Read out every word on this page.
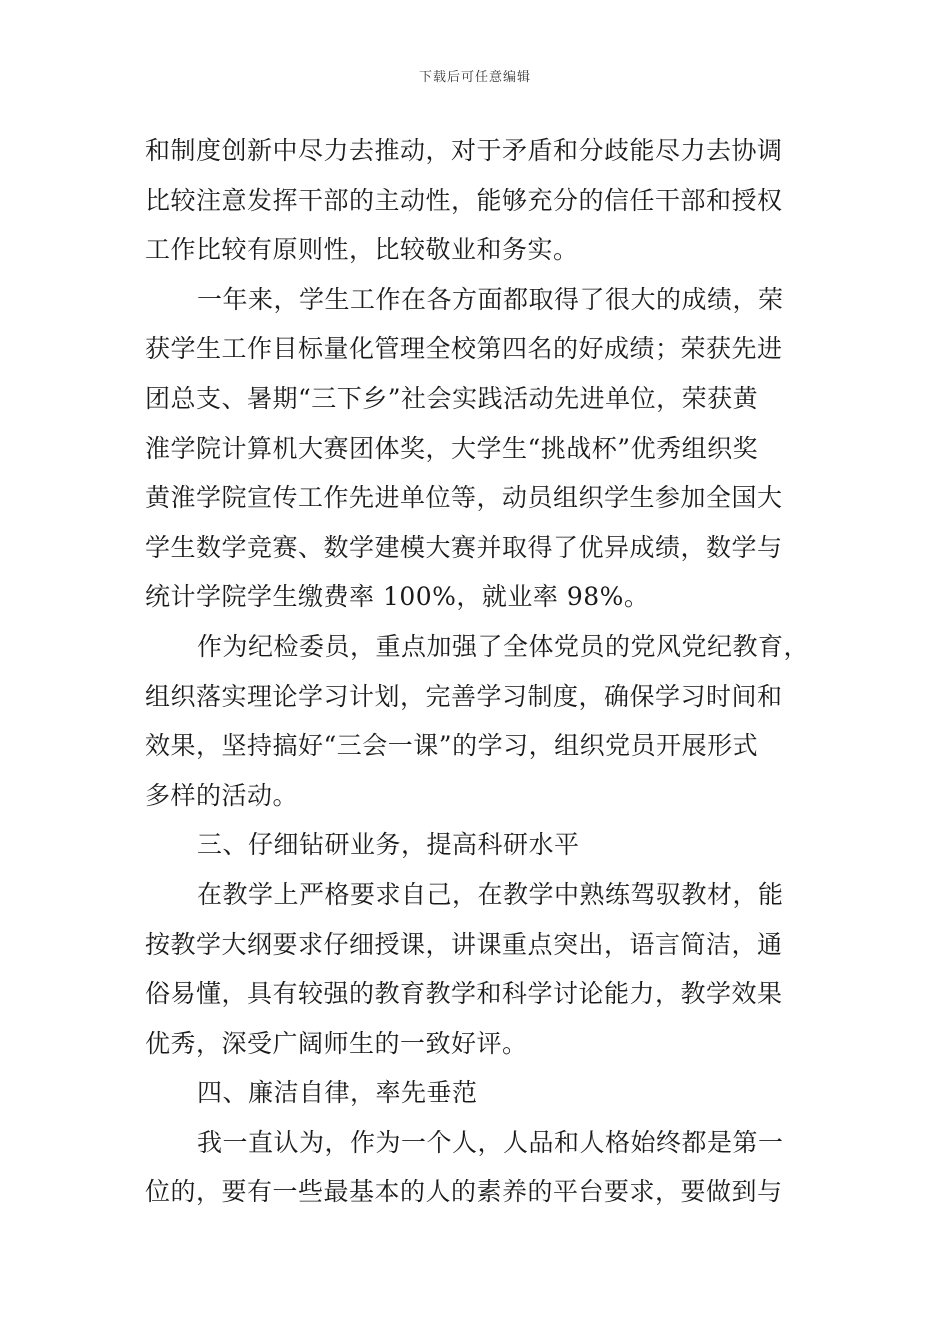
下载后可任意编辑
和制度创新中尽力去推动，对于矛盾和分歧能尽力去协调
比较注意发挥干部的主动性，能够充分的信任干部和授权
工作比较有原则性，比较敬业和务实。
一年来，学生工作在各方面都取得了很大的成绩，荣
获学生工作目标量化管理全校第四名的好成绩；荣获先进
团总支、暑期“三下乡”社会实践活动先进单位，荣获黄
淮学院计算机大赛团体奖，大学生“挑战杯”优秀组织奖
黄淮学院宣传工作先进单位等，动员组织学生参加全国大
学生数学竞赛、数学建模大赛并取得了优异成绩，数学与
统计学院学生缴费率 100%，就业率 98%。
作为纪检委员，重点加强了全体党员的党风党纪教育，
组织落实理论学习计划，完善学习制度，确保学习时间和
效果，坚持搞好“三会一课”的学习，组织党员开展形式
多样的活动。
三、仔细钻研业务，提高科研水平
在教学上严格要求自己，在教学中熟练驾驭教材，能
按教学大纲要求仔细授课，讲课重点突出，语言简洁，通
俗易懂，具有较强的教育教学和科学讨论能力，教学效果
优秀，深受广阔师生的一致好评。
四、廉洁自律，率先垂范
我一直认为，作为一个人，人品和人格始终都是第一
位的，要有一些最基本的人的素养的平台要求，要做到与
